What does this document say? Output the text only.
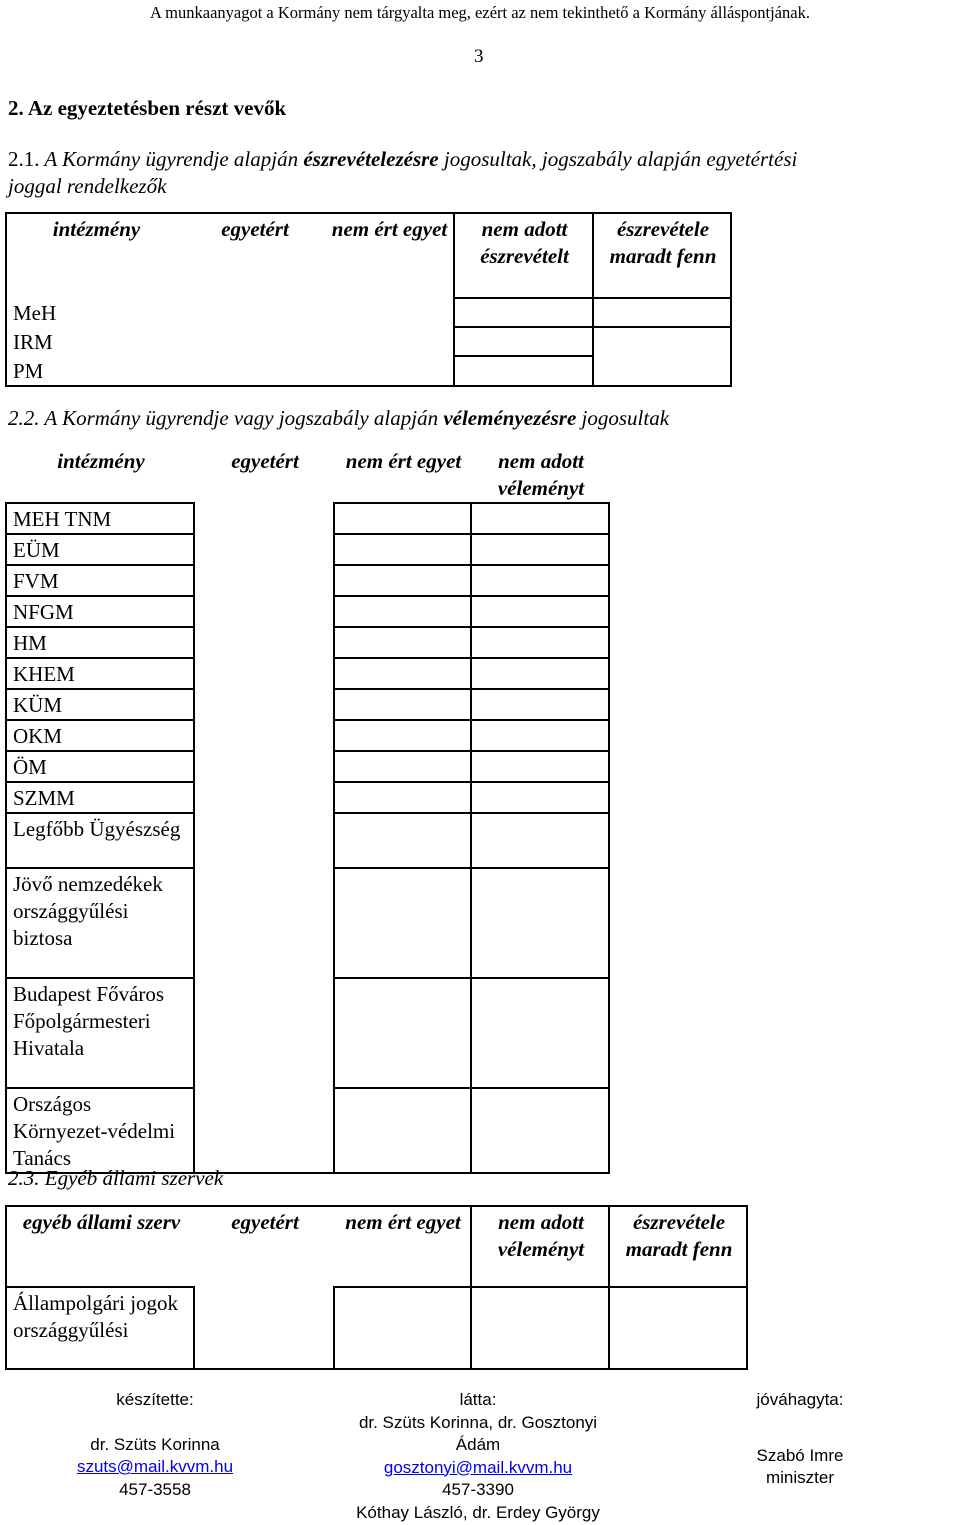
A munkaanyagot a Kormány nem tárgyalta meg, ezért az nem tekinthető a Kormány álláspontjának.
3
2. Az egyeztetésben részt vevők
2.1. A Kormány ügyrendje alapján észrevételezésre jogosultak, jogszabály alapján egyetértési
joggal rendelkezők
intézmény	egyetért	nem ért egyet	nem adott észrevételt	észrevétele maradt fenn
MeH				
IRM				
PM				
2.2. A Kormány ügyrendje vagy jogszabály alapján véleményezésre jogosultak
intézmény	egyetért	nem ért egyet	nem adott véleményt
MEH TNM			
EÜM			
FVM			
NFGM			
HM			
KHEM			
KÜM			
OKM			
ÖM			
SZMM			
Legfőbb Ügyészség			
Jövő nemzedékek országgyűlési biztosa			
Budapest Főváros Főpolgármesteri Hivatala			
Országos Környezet-védelmi Tanács			
2.3. Egyéb állami szervek
egyéb állami szerv	egyetért	nem ért egyet	nem adott véleményt	észrevétele maradt fenn
Állampolgári jogok országgyűlési				
készítette:
dr. Szüts Korinna
szuts@mail.kvvm.hu
457-3558
látta:
dr. Szüts Korinna, dr. Gosztonyi Ádám
gosztonyi@mail.kvvm.hu
457-3390
Kóthay László, dr. Erdey György
jóváhagyta:
Szabó Imre
miniszter
